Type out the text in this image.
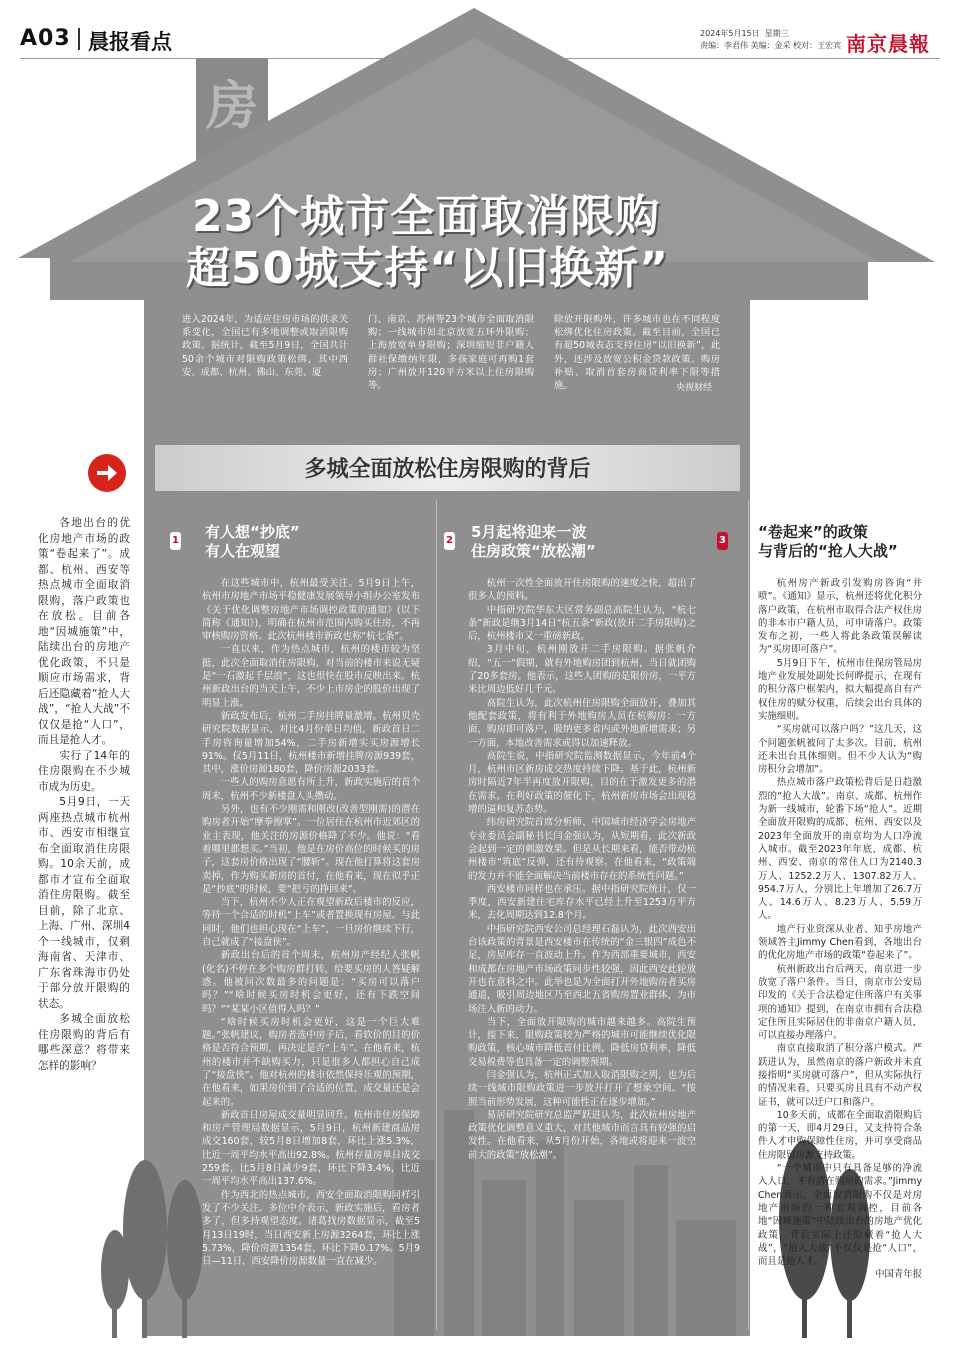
A03 晨报看点	2024年5月15日 星期三
责编：李君伟 美编：金采 校对：王宏宾 南京晨報
房
23个城市全面取消限购
超50城支持“以旧换新”
进入2024年，为适应住房市场的供求关系变化，全国已有多地调整或取消限购政策。据统计，截至5月9日，全国共计50余个城市对限购政策松绑，其中西安、成都、杭州、佛山、东莞、厦
门、南京、苏州等23个城市全面取消限购；一线城市如北京放宽五环外限购；上海放宽单身限购；深圳缩短非户籍人群社保缴纳年限，多孩家庭可再购1套房；广州放开120平方米以上住房限购等。
除放开限购外，许多城市也在不同程度松绑优化住房政策。截至目前，全国已有超50城表态支持住房“以旧换新”，此外，还涉及放宽公积金贷款政策、购房补贴、取消首套房商贷利率下限等措施。	央视财经
多城全面放松住房限购的背后

各地出台的优化房地产市场的政策“卷起来了”。成都、杭州、西安等热点城市全面取消限购，落户政策也在放松。目前各地“因城施策”中，陆续出台的房地产优化政策，不只是顺应市场需求，背后还隐藏着“抢人大战”，“抢人大战”不仅仅是抢“人口”，而且是抢人才。

实行了14年的住房限购在不少城市成为历史。

5月9日，一天两座热点城市杭州市、西安市相继宣布全面取消住房限购。10余天前，成都市才宣布全面取消住房限购。截至目前，除了北京、上海、广州、深圳4个一线城市，仅剩海南省、天津市、广东省珠海市仍处于部分放开限购的状态。

多城全面放松住房限购的背后有哪些深意？将带来怎样的影响？

1 有人想“抄底”
有人在观望

在这些城市中，杭州最受关注。5月9日上午，杭州市房地产市场平稳健康发展领导小组办公室发布《关于优化调整房地产市场调控政策的通知》(以下简称《通知》)，明确在杭州市范围内购买住房，不再审核购房资格。此次杭州楼市新政也称“杭七条”。

一直以来，作为热点城市，杭州的楼市较为坚挺，此次全面取消住房限购，对当前的楼市来说无疑是“一石激起千层浪”，这也很快在股市反映出来。杭州新政出台的当天上午，不少上市房企的股价出现了明显上涨。

新政发布后，杭州二手房挂牌量激增。杭州贝壳研究院数据显示，对比4月份单日均值，新政首日二手房咨询量增加54%，二手房新增实买房源增长91%。仅5月11日，杭州楼市新增挂牌房源939套，其中，涨价房源180套，降价房源2033套。

一些人的购房意愿有所上升，新政实施后的首个周末，杭州不少新楼盘人头攒动。

另外，也有不少刚需和刚改(改善型刚需)的潜在购房者开始“摩拳擦掌”。一位居住在杭州市近郊区的业主表现，他关注的房源价格降了不少。他说：“看着哪里都想买。”当初，他是在房价高位的时候买的房子，这套房价格出现了“腰斩”。现在他打算将这套房卖掉，作为购买新房的首付，在他看来，现在似乎正是“抄底”的时候，要“把亏的挣回来”。

当下，杭州不少人正在观望新政后楼市的反应，等待一个合适的时机“上车”或者置换现有房屋。与此同时，他们也担心现在“上车”，一旦房价继续下行，自己就成了“接盘侠”。

新政出台后的首个周末，杭州房产经纪人张帆(化名)不停在多个购房群打转，给要买房的人答疑解惑。他被问次数最多的问题是：“买房可以落户吗？”“啥时候买房时机会更好，还有下跌空间吗？”“某某小区值得入吗？”

“啥时候买房时机会更好，这是一个巨大难题。”张帆建议，购房者选中房子后，看软价的目的价格是否符合预期，再决定是否“上车”。在他看来，杭州的楼市并不缺购买力，只是很多人都担心自己成了“接盘侠”。他对杭州的楼市依然保持乐观的预期，在他看来，如果房价到了合适的位置，成交量还是会起来的。

新政首日房屋成交量明显回升。杭州市住房保障和房产管理局数据显示，5月9日，杭州新建商品房成交160套，较5月8日增加8套，环比上涨5.3%，比近一周平均水平高出92.8%。杭州存量房单日成交259套，比5月8日减少9套，环比下降3.4%，比近一周平均水平高出137.6%。

作为西北的热点城市，西安全面取消限购同样引发了不少关注。多位中介表示，新政实施后，看房者多了，但多持观望态度。诸葛找房数据显示，截至5月13日19时，当日西安新上房源3264套，环比上涨5.73%，降价房源1354套，环比下降0.17%。5月9日—11日，西安降价房源数量一直在减少。

2 5月起将迎来一波
住房政策“放松潮”

杭州一次性全面放开住房限购的速度之快，超出了很多人的预料。

中指研究院华东大区常务副总高院生认为，“杭七条”新政是继3月14日“杭五条”新政(放开二手房限购)之后，杭州楼市又一重磅新政。

3月中旬，杭州刚放开二手房限购。据张帆介绍，“五一”假期，就有外地购房团到杭州，当日就团购了20多套房。他表示，这些人团购的是限价房，一平方米比周边低好几千元。

高院生认为，此次杭州住房限购全面放开，叠加其他配套政策，将有利于外地购房人员在杭购房：一方面，购房即可落户，吸纳更多省内或外地新增需求；另一方面，本地改善需求或得以加速释放。

高院生说，中指研究院监测数据显示，今年前4个月，杭州市区新房成交热度持续下降。基于此，杭州新房时隔近7年半再度放开限购，目的在于激发更多的潜在需求。在利好政策的催化下，杭州新房市场会出现稳增的逼和复苏态势。

纬房研究院首席分析师、中国城市经济学会房地产专业委员会副秘书长闫金强认为，从短期看，此次新政会起到一定的刺激效果。但是从长期来看，能否带动杭州楼市“筑底”反弹，还有待观察。在他看来，“政策端的发力并不能全面解决当前楼市存在的系统性问题。”

西安楼市同样也在承压。据中指研究院统计，仅一季度，西安新建住宅库存水平已经上升至1253万平方米，去化周期达到12.8个月。

中指研究院西安公司总经理石磊认为，此次西安出台该政策的背景是西安楼市在传统的“金三银四”成色不足，房屋库存一直波动上升。作为西部重要城市，西安和成都在房地产市场政策同步性较强，因此西安此轮放开也在意料之中。此举也是为全面打开外地购房者买房通道，吸引周边地区乃至西北五省购房置业群体，为市场注入新的动力。

当下，全面放开限购的城市越来越多。高院生预计，接下来，限购政策较为严格的城市可能继续优化限购政策，核心城市降低首付比例，降低房贷利率，降低交易税费等也具备一定的调整预期。

闫金强认为，杭州正式加入取消限购之列，也为后续一线城市限购政策进一步放开打开了想象空间。“按照当前形势发展，这种可能性正在逐步增加。”

易居研究院研究总监严跃进认为，此次杭州房地产政策优化调整意义重大，对其他城市而言具有较强的启发性。在他看来，从5月份开始，各地或将迎来一波空前大的政策“放松潮”。

3 “卷起来”的政策
与背后的“抢人大战”

杭州房产新政引发购房咨询“井喷”。《通知》显示，杭州还将优化积分落户政策，在杭州市取得合法产权住房的非本市户籍人员，可申请落户。政策发布之初，一些人将此条政策误解读为“买房即可落户”。

5月9日下午，杭州市住保房管局房地产业发展处副处长何晔提示，在现有的积分落户框架内，拟大幅提高自有产权住房的赋分权重，后续会出台具体的实施细则。

“买房就可以落户吗？”这几天，这个问题张帆被问了太多次。目前，杭州还未出台具体细则。但不少人认为“购房积分会增加”。

热点城市落户政策松背后是日趋激烈的“抢人大战”。南京、成都、杭州作为新一线城市，轮番下场“抢人”。近期全面放开限购的成都、杭州、西安以及2023年全面放开的南京均为人口净流入城市。截至2023年年底，成都、杭州、西安、南京的常住人口为2140.3万人、1252.2万人、1307.82万人、954.7万人，分别比上年增加了26.7万人、14.6万人、8.23万人、5.59万人。

地产行业资深从业者、知乎房地产领域答主Jimmy Chen看到，各地出台的优化房地产市场的政策“卷起来了”。

杭州新政出台后两天，南京进一步放宽了落户条件。当日，南京市公安局印发的《关于合法稳定住所落户有关事项的通知》提到，在南京市拥有合法稳定住所且实际居住的非南京户籍人员，可以直接办理落户。

南京直接取消了积分落户模式。严跃进认为，虽然南京的落户新政并未直接指明“买房就可落户”，但从实际执行的情况来看，只要买房且具有不动产权证书，就可以迁户口和落户。

10多天前，成都在全面取消限购后的第一天，即4月29日，又支持符合条件人才申购保障性住房，并可享受商品住房限留房源支持政策。

“一个城市中只有具备足够的净流入人口，才有潜在购房的需求。”Jimmy Chen表示，全面取消限购不仅是对房地产市场的一种宏观调控，目前各地“因城施策”中陆续出台的房地产优化政策，背后实际上还隐藏着“抢人大战”，“抢人大战”不仅仅是抢“人口”，而且是抢人才。

中国青年报
